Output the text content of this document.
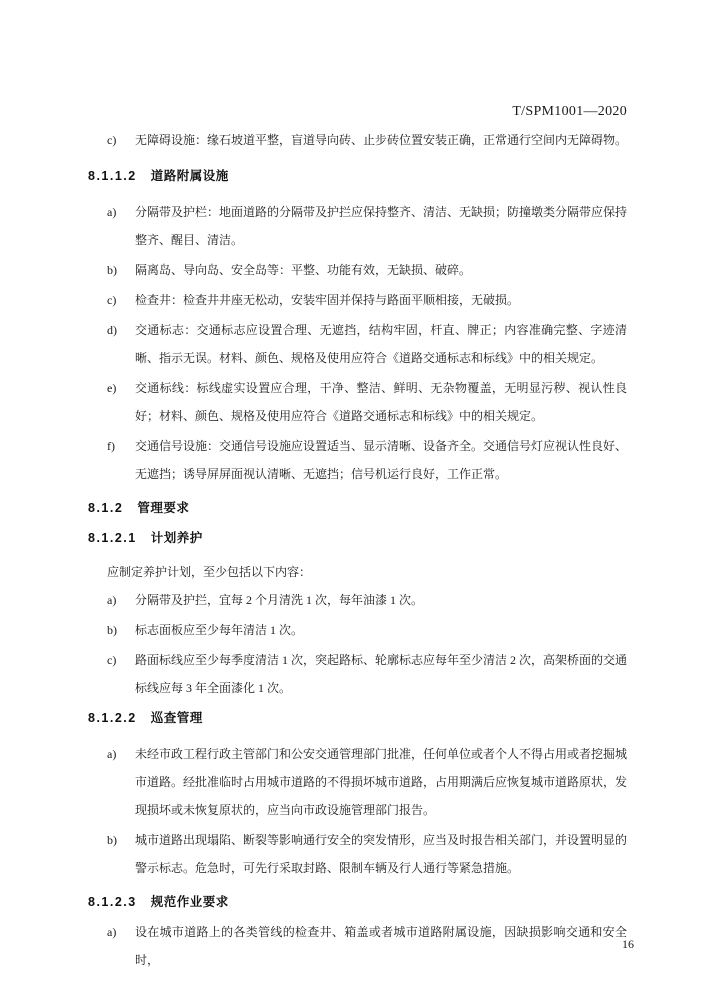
T/SPM1001—2020
c) 无障碍设施：缘石坡道平整，盲道导向砖、止步砖位置安装正确，正常通行空间内无障碍物。
8.1.1.2 道路附属设施
a) 分隔带及护栏：地面道路的分隔带及护拦应保持整齐、清洁、无缺损；防撞墩类分隔带应保持整齐、醒目、清洁。
b) 隔离岛、导向岛、安全岛等：平整、功能有效，无缺损、破碎。
c) 检查井：检查井井座无松动，安装牢固并保持与路面平顺相接，无破损。
d) 交通标志：交通标志应设置合理、无遮挡，结构牢固，杆直、牌正；内容准确完整、字迹清晰、指示无误。材料、颜色、规格及使用应符合《道路交通标志和标线》中的相关规定。
e) 交通标线：标线虚实设置应合理，干净、整洁、鲜明、无杂物覆盖，无明显污秽、视认性良好；材料、颜色、规格及使用应符合《道路交通标志和标线》中的相关规定。
f) 交通信号设施：交通信号设施应设置适当、显示清晰、设备齐全。交通信号灯应视认性良好、无遮挡；诱导屏屏面视认清晰、无遮挡；信号机运行良好，工作正常。
8.1.2 管理要求
8.1.2.1 计划养护
应制定养护计划，至少包括以下内容：
a) 分隔带及护拦，宜每 2 个月清洗 1 次，每年油漆 1 次。
b) 标志面板应至少每年清洁 1 次。
c) 路面标线应至少每季度清洁 1 次，突起路标、轮廓标志应每年至少清洁 2 次，高架桥面的交通标线应每 3 年全面漆化 1 次。
8.1.2.2 巡查管理
a) 未经市政工程行政主管部门和公安交通管理部门批准，任何单位或者个人不得占用或者挖掘城市道路。经批准临时占用城市道路的不得损坏城市道路，占用期满后应恢复城市道路原状，发现损坏或未恢复原状的，应当向市政设施管理部门报告。
b) 城市道路出现塌陷、断裂等影响通行安全的突发情形，应当及时报告相关部门，并设置明显的警示标志。危急时，可先行采取封路、限制车辆及行人通行等紧急措施。
8.1.2.3 规范作业要求
a) 设在城市道路上的各类管线的检查井、箱盖或者城市道路附属设施，因缺损影响交通和安全时，
16
